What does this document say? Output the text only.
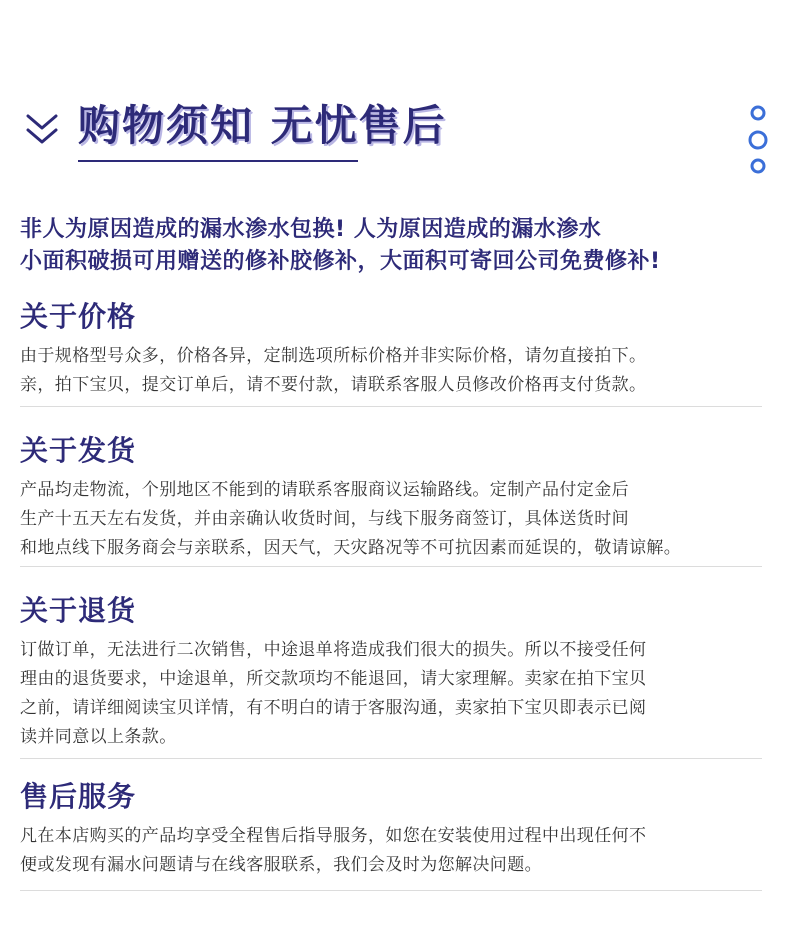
购物须知 无忧售后
非人为原因造成的漏水渗水包换! 人为原因造成的漏水渗水
小面积破损可用赠送的修补胶修补，大面积可寄回公司免费修补!
关于价格
由于规格型号众多，价格各异，定制选项所标价格并非实际价格，请勿直接拍下。
亲，拍下宝贝，提交订单后，请不要付款，请联系客服人员修改价格再支付货款。
关于发货
产品均走物流，个别地区不能到的请联系客服商议运输路线。定制产品付定金后
生产十五天左右发货，并由亲确认收货时间，与线下服务商签订，具体送货时间
和地点线下服务商会与亲联系，因天气，天灾路况等不可抗因素而延误的，敬请谅解。
关于退货
订做订单，无法进行二次销售，中途退单将造成我们很大的损失。所以不接受任何
理由的退货要求，中途退单，所交款项均不能退回，请大家理解。卖家在拍下宝贝
之前，请详细阅读宝贝详情，有不明白的请于客服沟通，卖家拍下宝贝即表示已阅
读并同意以上条款。
售后服务
凡在本店购买的产品均享受全程售后指导服务，如您在安装使用过程中出现任何不
便或发现有漏水问题请与在线客服联系，我们会及时为您解决问题。
